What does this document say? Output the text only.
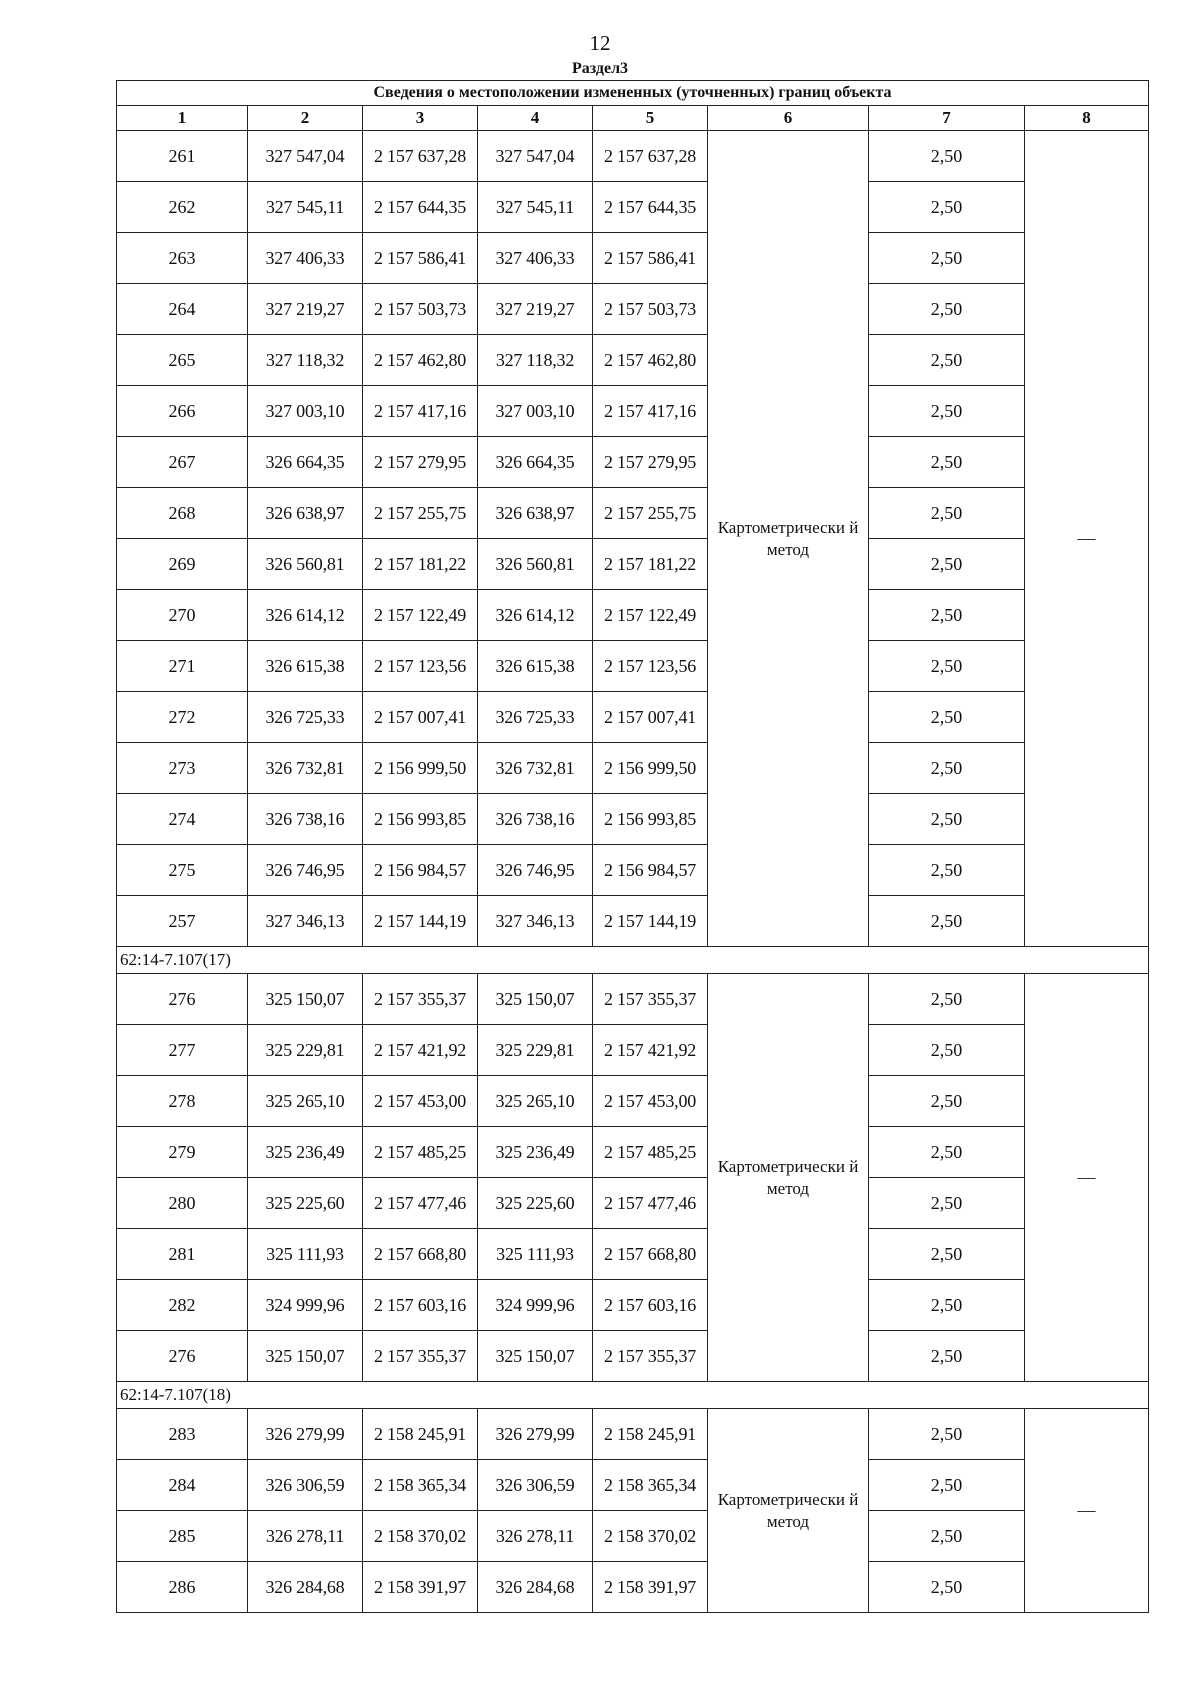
12
Раздел3
Сведения о местоположении измененных (уточненных) границ объекта							
1	2	3	4	5	6	7	8
261	327 547,04	2 157 637,28	327 547,04	2 157 637,28	Картометрически й метод	2,50	—
262	327 545,11	2 157 644,35	327 545,11	2 157 644,35		2,50	
263	327 406,33	2 157 586,41	327 406,33	2 157 586,41		2,50	
264	327 219,27	2 157 503,73	327 219,27	2 157 503,73		2,50	
265	327 118,32	2 157 462,80	327 118,32	2 157 462,80		2,50	
266	327 003,10	2 157 417,16	327 003,10	2 157 417,16		2,50	
267	326 664,35	2 157 279,95	326 664,35	2 157 279,95		2,50	
268	326 638,97	2 157 255,75	326 638,97	2 157 255,75		2,50	
269	326 560,81	2 157 181,22	326 560,81	2 157 181,22		2,50	
270	326 614,12	2 157 122,49	326 614,12	2 157 122,49		2,50	
271	326 615,38	2 157 123,56	326 615,38	2 157 123,56		2,50	
272	326 725,33	2 157 007,41	326 725,33	2 157 007,41		2,50	
273	326 732,81	2 156 999,50	326 732,81	2 156 999,50		2,50	
274	326 738,16	2 156 993,85	326 738,16	2 156 993,85		2,50	
275	326 746,95	2 156 984,57	326 746,95	2 156 984,57		2,50	
257	327 346,13	2 157 144,19	327 346,13	2 157 144,19		2,50	
62:14-7.107(17)							
276	325 150,07	2 157 355,37	325 150,07	2 157 355,37	Картометрически й метод	2,50	—
277	325 229,81	2 157 421,92	325 229,81	2 157 421,92		2,50	
278	325 265,10	2 157 453,00	325 265,10	2 157 453,00		2,50	
279	325 236,49	2 157 485,25	325 236,49	2 157 485,25		2,50	
280	325 225,60	2 157 477,46	325 225,60	2 157 477,46		2,50	
281	325 111,93	2 157 668,80	325 111,93	2 157 668,80		2,50	
282	324 999,96	2 157 603,16	324 999,96	2 157 603,16		2,50	
276	325 150,07	2 157 355,37	325 150,07	2 157 355,37		2,50	
62:14-7.107(18)							
283	326 279,99	2 158 245,91	326 279,99	2 158 245,91	Картометрически й метод	2,50	—
284	326 306,59	2 158 365,34	326 306,59	2 158 365,34		2,50	
285	326 278,11	2 158 370,02	326 278,11	2 158 370,02		2,50	
286	326 284,68	2 158 391,97	326 284,68	2 158 391,97		2,50	
